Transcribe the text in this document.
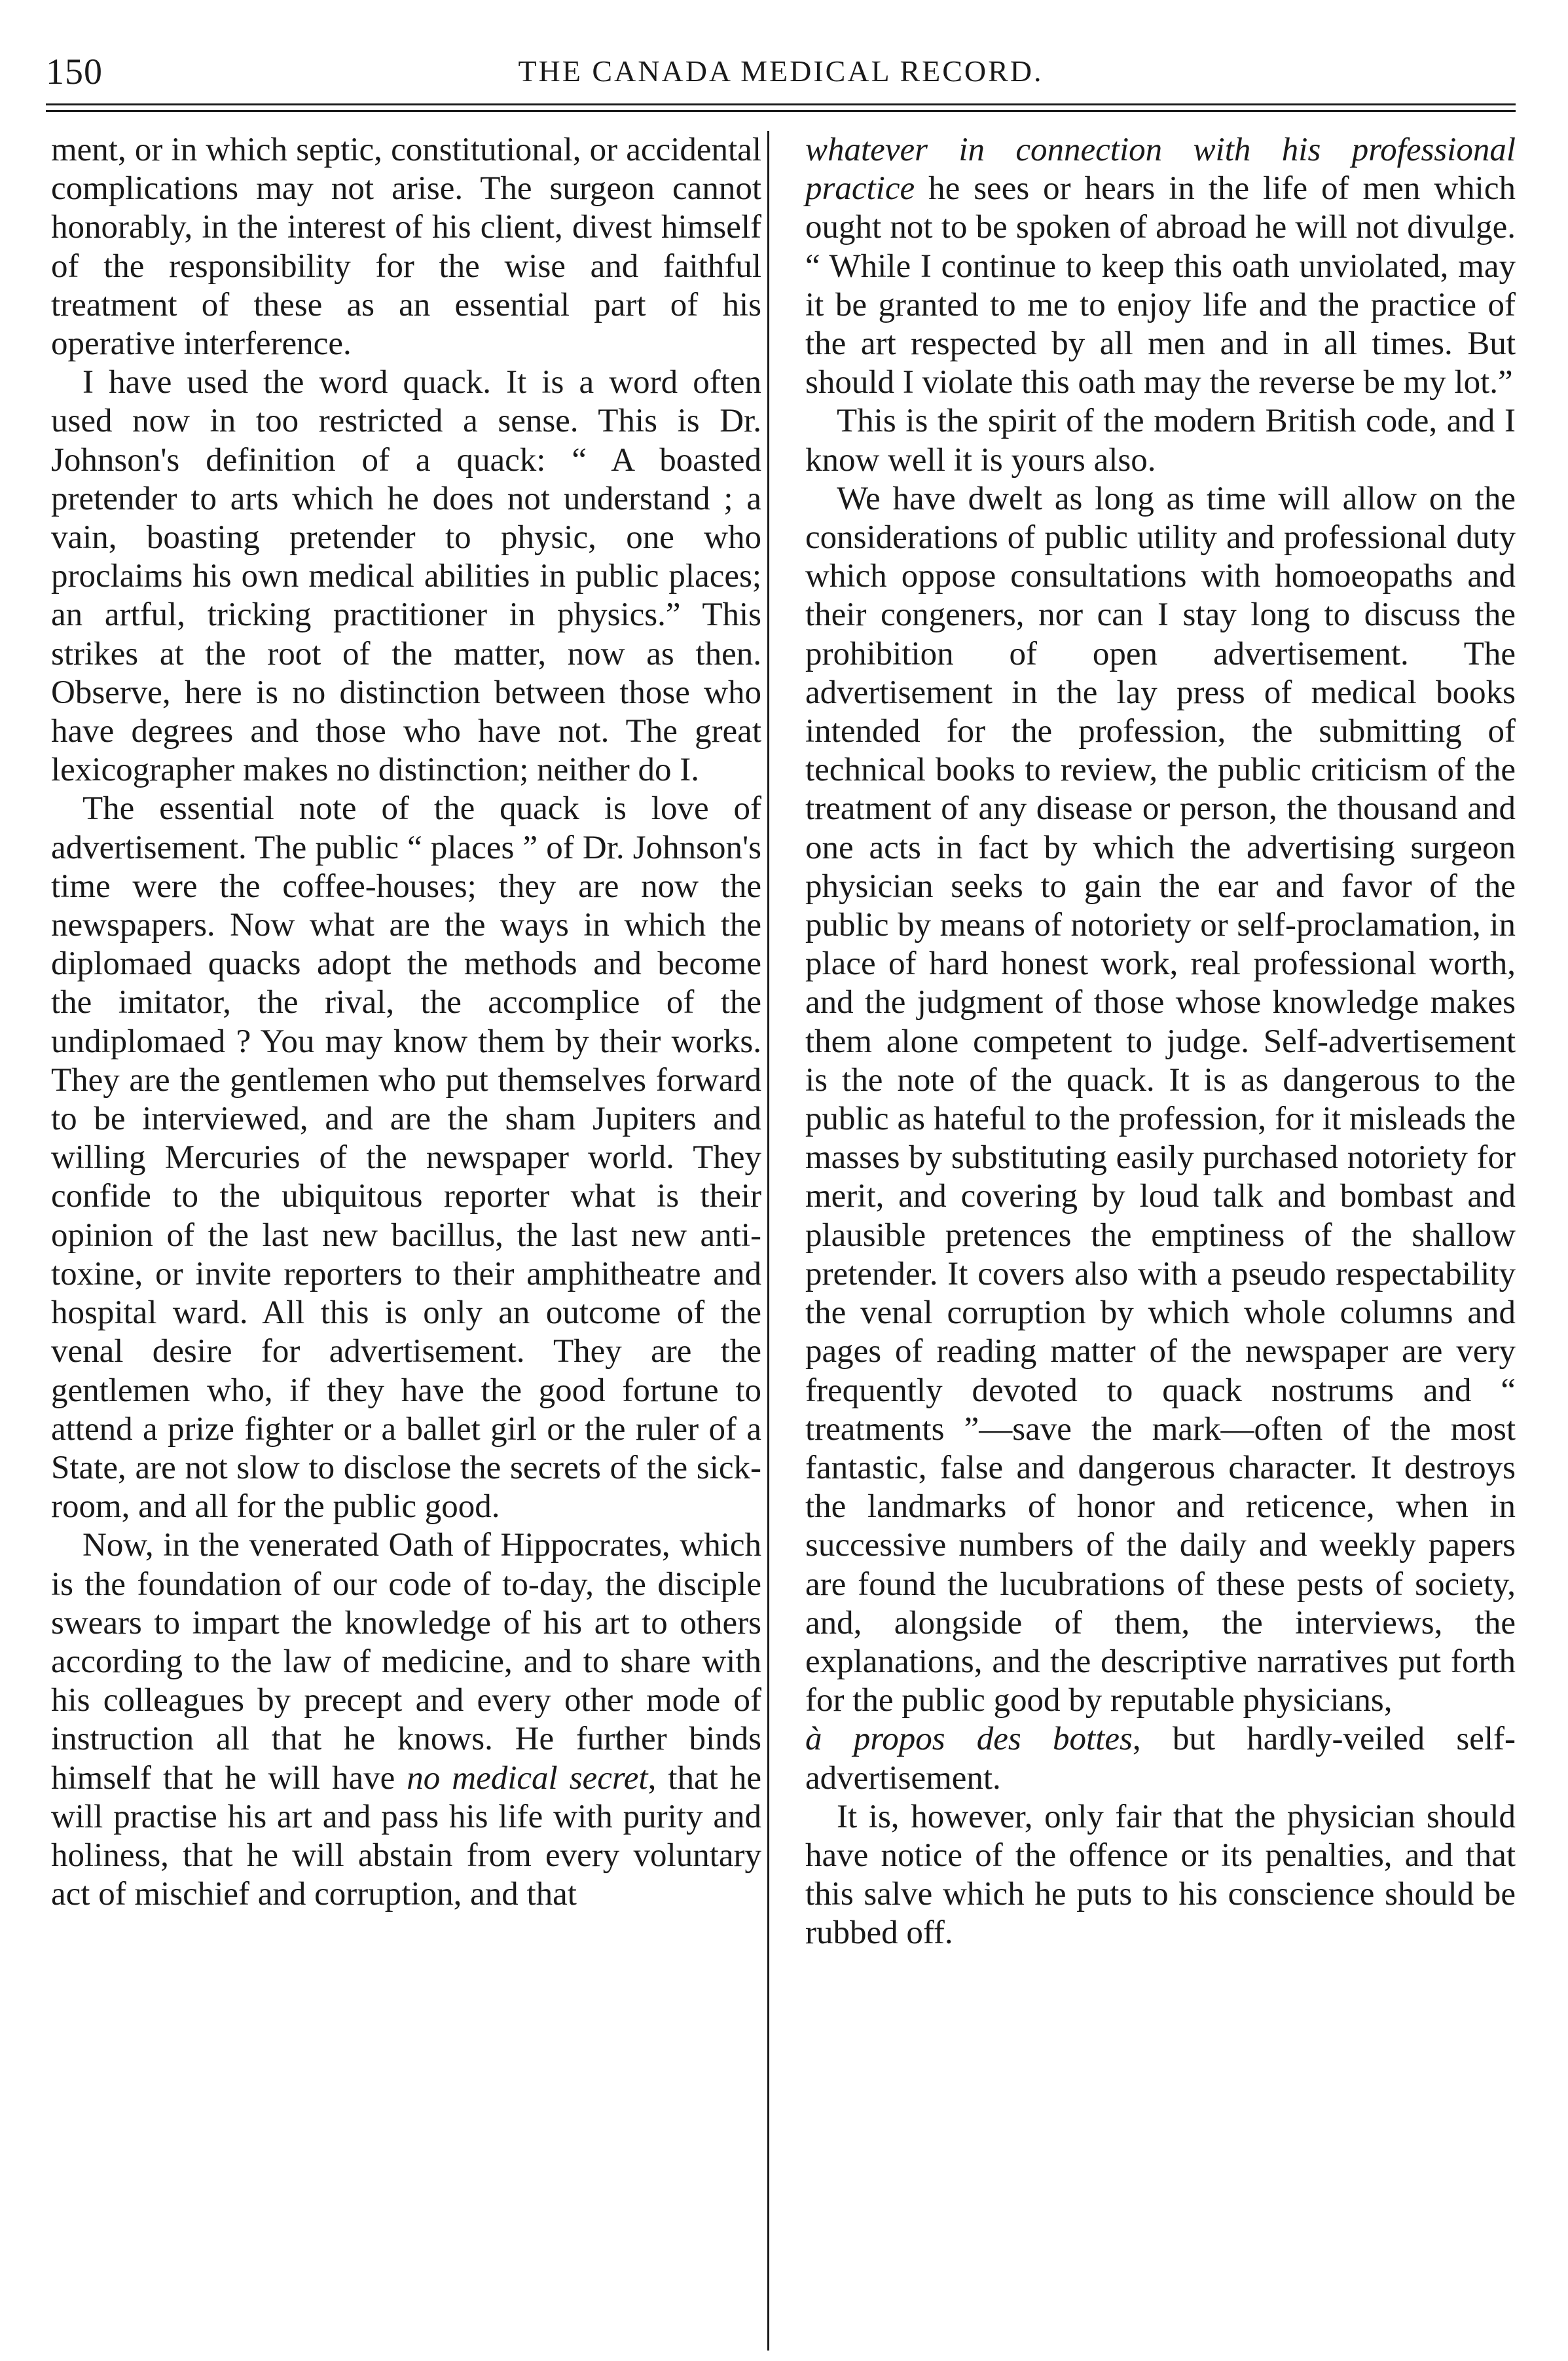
150	THE CANADA MEDICAL RECORD.

ment, or in which septic, constitutional, or accidental complications may not arise. The surgeon cannot honorably, in the interest of his client, divest himself of the responsibility for the wise and faithful treatment of these as an essential part of his operative interference.

I have used the word quack. It is a word often used now in too restricted a sense. This is Dr. Johnson's definition of a quack: “ A boasted pretender to arts which he does not understand ; a vain, boasting pretender to physic, one who proclaims his own medical abilities in public places; an artful, tricking practitioner in physics.” This strikes at the root of the matter, now as then. Observe, here is no distinction between those who have degrees and those who have not. The great lexicographer makes no distinction; neither do I.

The essential note of the quack is love of advertisement. The public “ places ” of Dr. Johnson's time were the coffee-houses; they are now the newspapers. Now what are the ways in which the diplomaed quacks adopt the methods and become the imitator, the rival, the accomplice of the undiplomaed ? You may know them by their works. They are the gentlemen who put themselves forward to be interviewed, and are the sham Jupiters and willing Mercuries of the newspaper world. They confide to the ubiquitous reporter what is their opinion of the last new bacillus, the last new anti-toxine, or invite reporters to their amphitheatre and hospital ward. All this is only an outcome of the venal desire for advertisement. They are the gentlemen who, if they have the good fortune to attend a prize fighter or a ballet girl or the ruler of a State, are not slow to disclose the secrets of the sick-room, and all for the public good.

Now, in the venerated Oath of Hippocrates, which is the foundation of our code of to-day, the disciple swears to impart the knowledge of his art to others according to the law of medicine, and to share with his colleagues by precept and every other mode of instruction all that he knows. He further binds himself that he will have no medical secret, that he will practise his art and pass his life with purity and holiness, that he will abstain from every voluntary act of mischief and corruption, and that

whatever in connection with his professional practice he sees or hears in the life of men which ought not to be spoken of abroad he will not divulge. “ While I continue to keep this oath unviolated, may it be granted to me to enjoy life and the practice of the art respected by all men and in all times. But should I violate this oath may the reverse be my lot.”

This is the spirit of the modern British code, and I know well it is yours also.

We have dwelt as long as time will allow on the considerations of public utility and professional duty which oppose consultations with homoeopaths and their congeners, nor can I stay long to discuss the prohibition of open advertisement. The advertisement in the lay press of medical books intended for the profession, the submitting of technical books to review, the public criticism of the treatment of any disease or person, the thousand and one acts in fact by which the advertising surgeon physician seeks to gain the ear and favor of the public by means of notoriety or self-proclamation, in place of hard honest work, real professional worth, and the judgment of those whose knowledge makes them alone competent to judge. Self-advertisement is the note of the quack. It is as dangerous to the public as hateful to the profession, for it misleads the masses by substituting easily purchased notoriety for merit, and covering by loud talk and bombast and plausible pretences the emptiness of the shallow pretender. It covers also with a pseudo respectability the venal corruption by which whole columns and pages of reading matter of the newspaper are very frequently devoted to quack nostrums and “ treatments ”—save the mark—often of the most fantastic, false and dangerous character. It destroys the landmarks of honor and reticence, when in successive numbers of the daily and weekly papers are found the lucubrations of these pests of society, and, alongside of them, the interviews, the explanations, and the descriptive narratives put forth for the public good by reputable physicians,

à propos des bottes, but hardly-veiled self-advertisement.

It is, however, only fair that the physician should have notice of the offence or its penalties, and that this salve which he puts to his conscience should be rubbed off.
